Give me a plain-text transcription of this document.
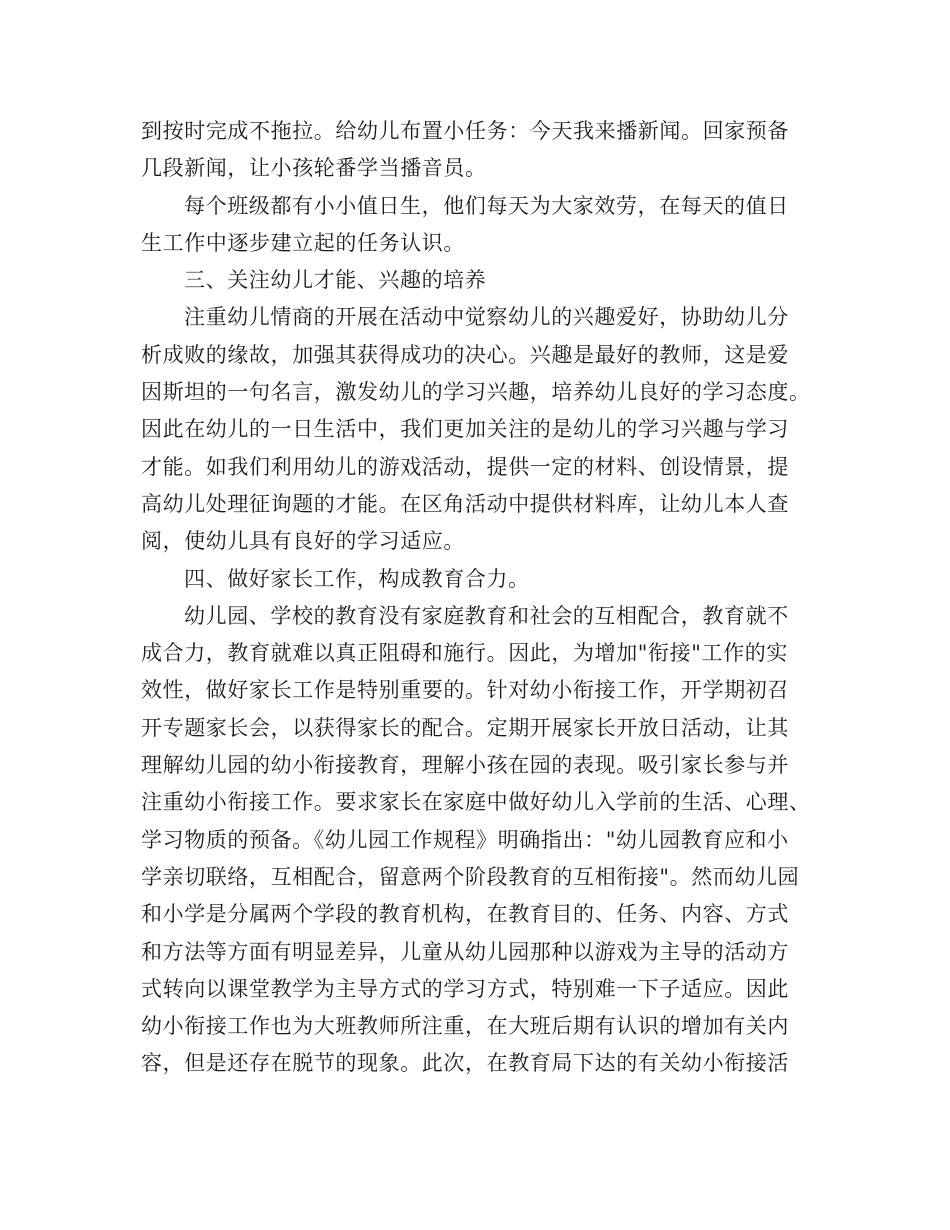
到按时完成不拖拉。给幼儿布置小任务：今天我来播新闻。回家预备
几段新闻，让小孩轮番学当播音员。
每个班级都有小小值日生，他们每天为大家效劳，在每天的值日
生工作中逐步建立起的任务认识。
三、关注幼儿才能、兴趣的培养
注重幼儿情商的开展在活动中觉察幼儿的兴趣爱好，协助幼儿分
析成败的缘故，加强其获得成功的决心。兴趣是最好的教师，这是爱
因斯坦的一句名言，激发幼儿的学习兴趣，培养幼儿良好的学习态度。
因此在幼儿的一日生活中，我们更加关注的是幼儿的学习兴趣与学习
才能。如我们利用幼儿的游戏活动，提供一定的材料、创设情景，提
高幼儿处理征询题的才能。在区角活动中提供材料库，让幼儿本人查
阅，使幼儿具有良好的学习适应。
四、做好家长工作，构成教育合力。
幼儿园、学校的教育没有家庭教育和社会的互相配合，教育就不
成合力，教育就难以真正阻碍和施行。因此，为增加"衔接"工作的实
效性，做好家长工作是特别重要的。针对幼小衔接工作，开学期初召
开专题家长会，以获得家长的配合。定期开展家长开放日活动，让其
理解幼儿园的幼小衔接教育，理解小孩在园的表现。吸引家长参与并
注重幼小衔接工作。要求家长在家庭中做好幼儿入学前的生活、心理、
学习物质的预备。《幼儿园工作规程》明确指出："幼儿园教育应和小
学亲切联络，互相配合，留意两个阶段教育的互相衔接"。然而幼儿园
和小学是分属两个学段的教育机构，在教育目的、任务、内容、方式
和方法等方面有明显差异，儿童从幼儿园那种以游戏为主导的活动方
式转向以课堂教学为主导方式的学习方式，特别难一下子适应。因此
幼小衔接工作也为大班教师所注重，在大班后期有认识的增加有关内
容，但是还存在脱节的现象。此次，在教育局下达的有关幼小衔接活
